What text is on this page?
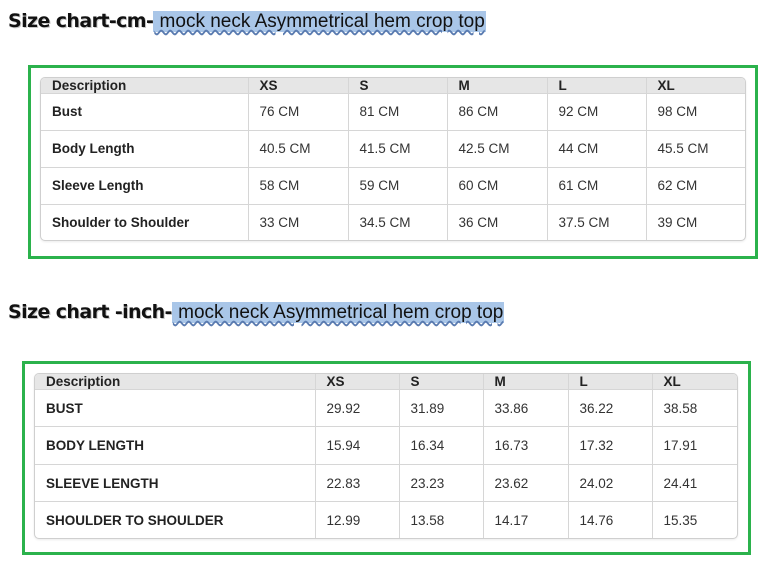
Size chart-cm- mock neck Asymmetrical hem crop top
Description	XS	S	M	L	XL
Bust	76 CM	81 CM	86 CM	92 CM	98 CM
Body Length	40.5 CM	41.5 CM	42.5 CM	44 CM	45.5 CM
Sleeve Length	58 CM	59 CM	60 CM	61 CM	62 CM
Shoulder to Shoulder	33 CM	34.5 CM	36 CM	37.5 CM	39 CM
Size chart -inch- mock neck Asymmetrical hem crop top
Description	XS	S	M	L	XL
BUST	29.92	31.89	33.86	36.22	38.58
BODY LENGTH	15.94	16.34	16.73	17.32	17.91
SLEEVE LENGTH	22.83	23.23	23.62	24.02	24.41
SHOULDER TO SHOULDER	12.99	13.58	14.17	14.76	15.35
